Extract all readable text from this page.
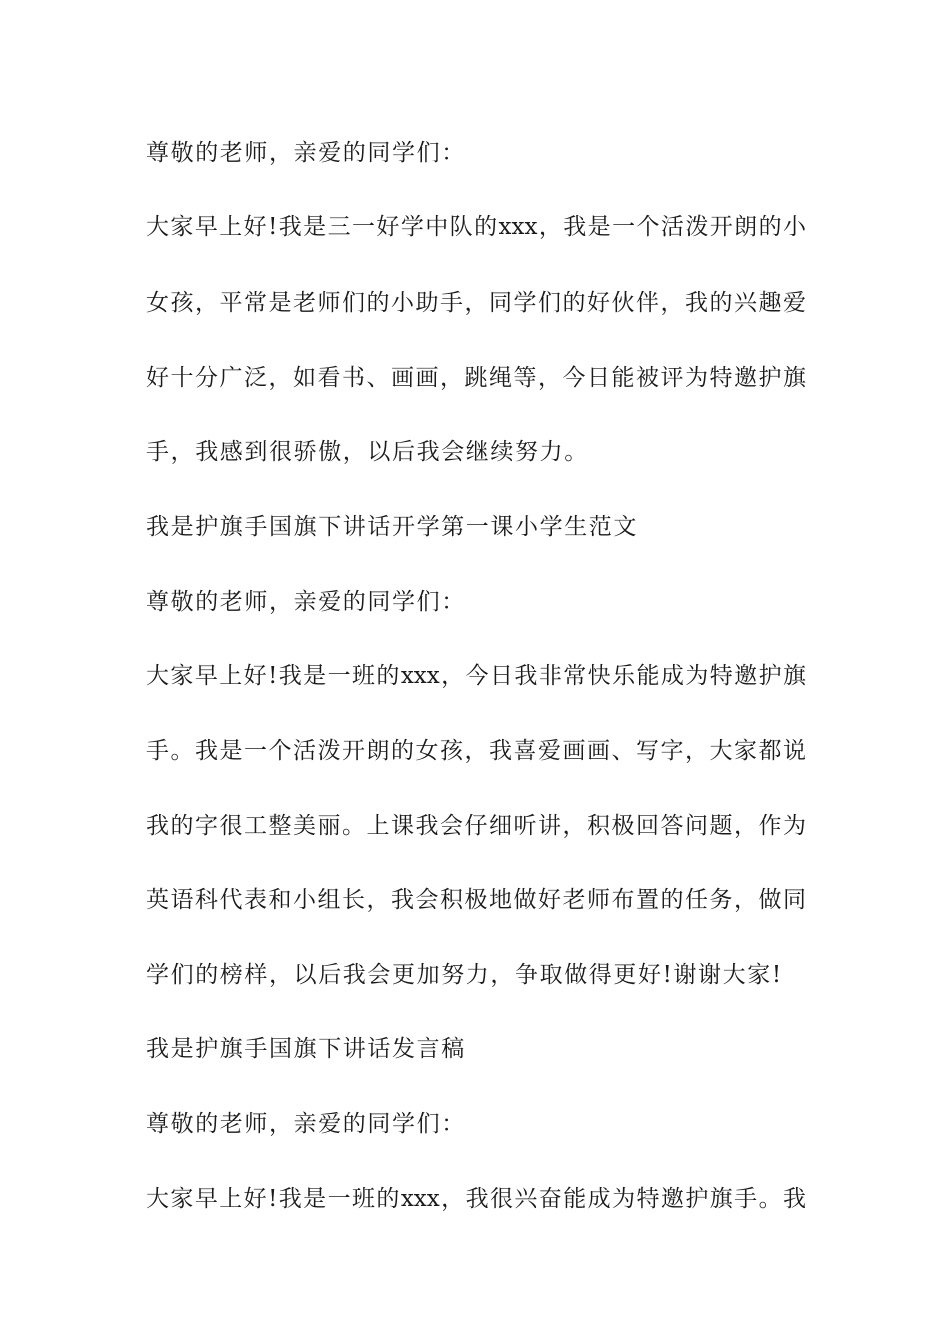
尊敬的老师，亲爱的同学们：

大家早上好!我是三一好学中队的xxx，我是一个活泼开朗的小

女孩，平常是老师们的小助手，同学们的好伙伴，我的兴趣爱

好十分广泛，如看书、画画，跳绳等，今日能被评为特邀护旗

手，我感到很骄傲，以后我会继续努力。

我是护旗手国旗下讲话开学第一课小学生范文

尊敬的老师，亲爱的同学们：

大家早上好!我是一班的xxx，今日我非常快乐能成为特邀护旗

手。我是一个活泼开朗的女孩，我喜爱画画、写字，大家都说

我的字很工整美丽。上课我会仔细听讲，积极回答问题，作为

英语科代表和小组长，我会积极地做好老师布置的任务，做同

学们的榜样，以后我会更加努力，争取做得更好!谢谢大家!

我是护旗手国旗下讲话发言稿

尊敬的老师，亲爱的同学们：

大家早上好!我是一班的xxx，我很兴奋能成为特邀护旗手。我
